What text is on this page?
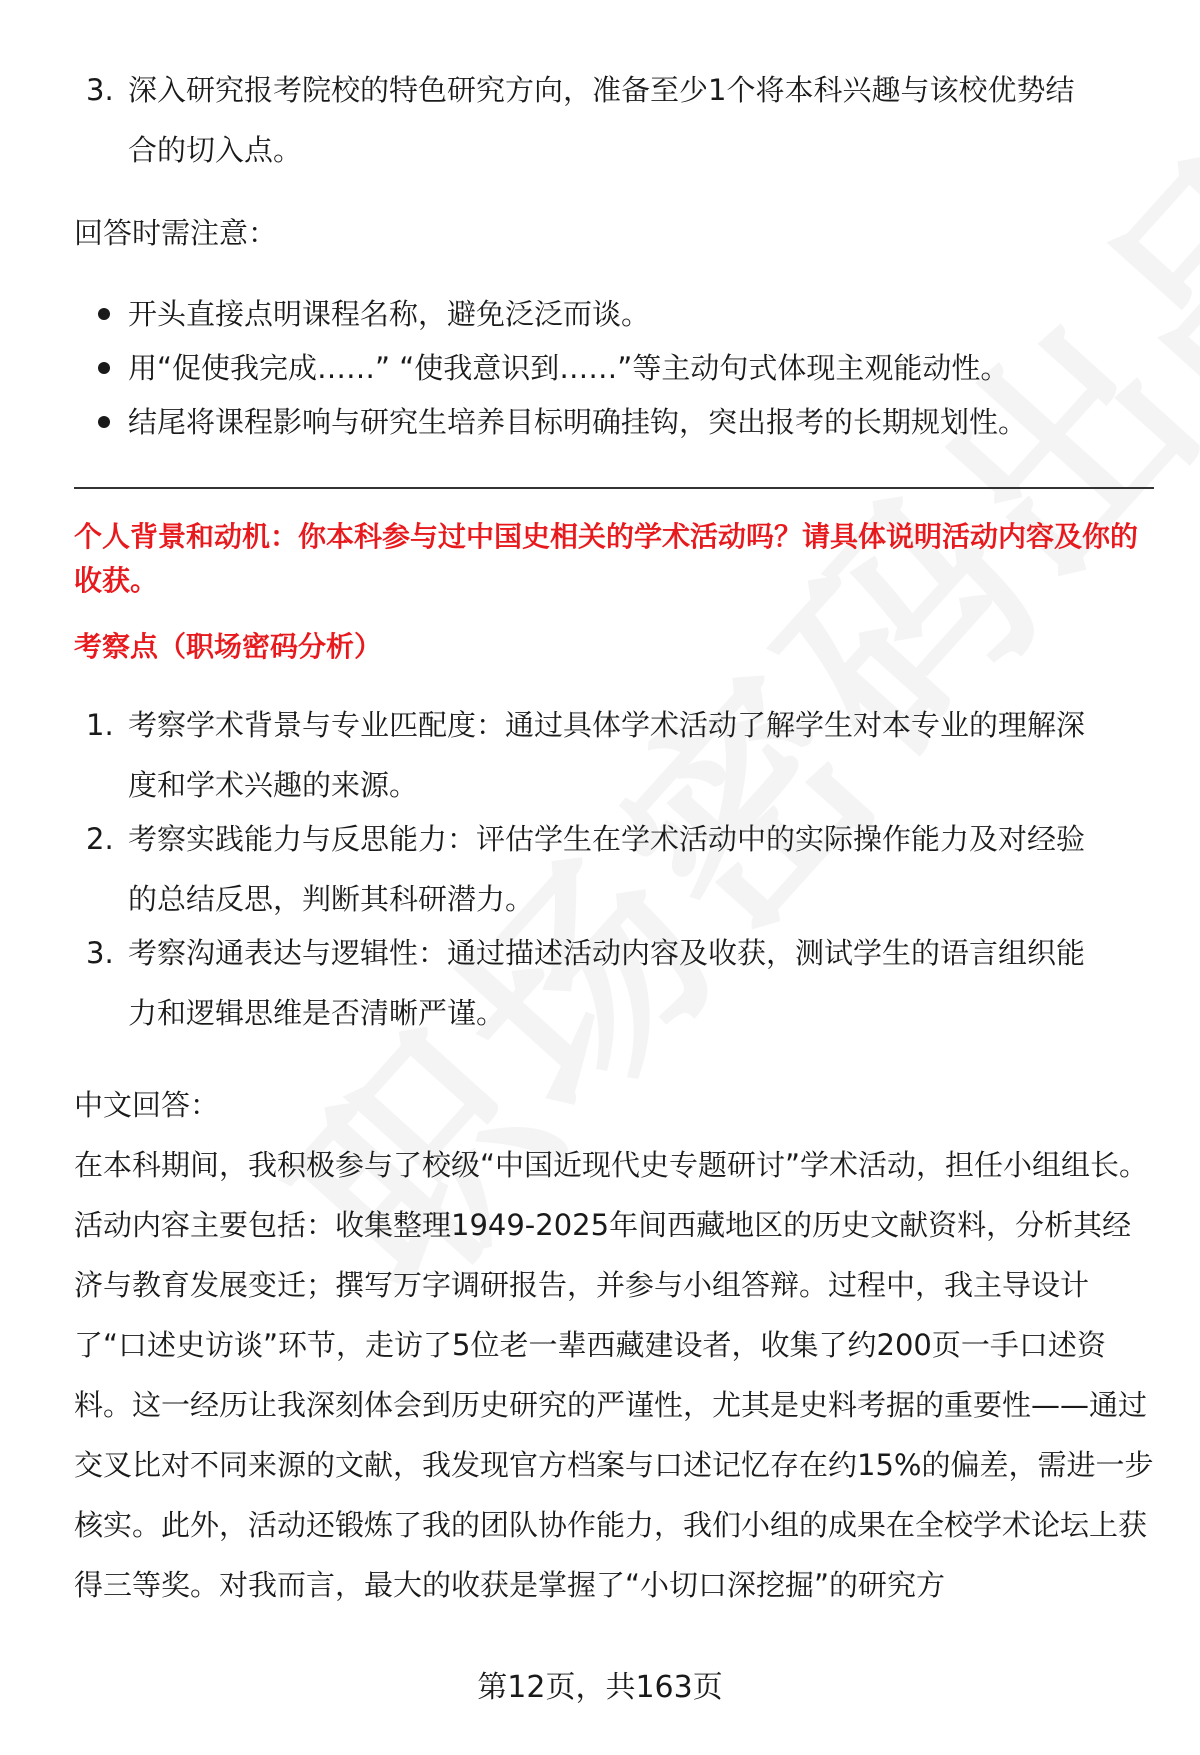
3. 深入研究报考院校的特色研究方向，准备至少1个将本科兴趣与该校优势结合的切入点。

回答时需注意：

开头直接点明课程名称，避免泛泛而谈。
用“促使我完成……” “使我意识到……”等主动句式体现主观能动性。
结尾将课程影响与研究生培养目标明确挂钩，突出报考的长期规划性。

个人背景和动机：你本科参与过中国史相关的学术活动吗？请具体说明活动内容及你的收获。

考察点（职场密码分析）

1. 考察学术背景与专业匹配度：通过具体学术活动了解学生对本专业的理解深度和学术兴趣的来源。
2. 考察实践能力与反思能力：评估学生在学术活动中的实际操作能力及对经验的总结反思，判断其科研潜力。
3. 考察沟通表达与逻辑性：通过描述活动内容及收获，测试学生的语言组织能力和逻辑思维是否清晰严谨。

中文回答：

在本科期间，我积极参与了校级“中国近现代史专题研讨”学术活动，担任小组组长。活动内容主要包括：收集整理1949-2025年间西藏地区的历史文献资料，分析其经济与教育发展变迁；撰写万字调研报告，并参与小组答辩。过程中，我主导设计了“口述史访谈”环节，走访了5位老一辈西藏建设者，收集了约200页一手口述资料。这一经历让我深刻体会到历史研究的严谨性，尤其是史料考据的重要性——通过交叉比对不同来源的文献，我发现官方档案与口述记忆存在约15%的偏差，需进一步核实。此外，活动还锻炼了我的团队协作能力，我们小组的成果在全校学术论坛上获得三等奖。对我而言，最大的收获是掌握了“小切口深挖掘”的研究方

第12页，共163页
